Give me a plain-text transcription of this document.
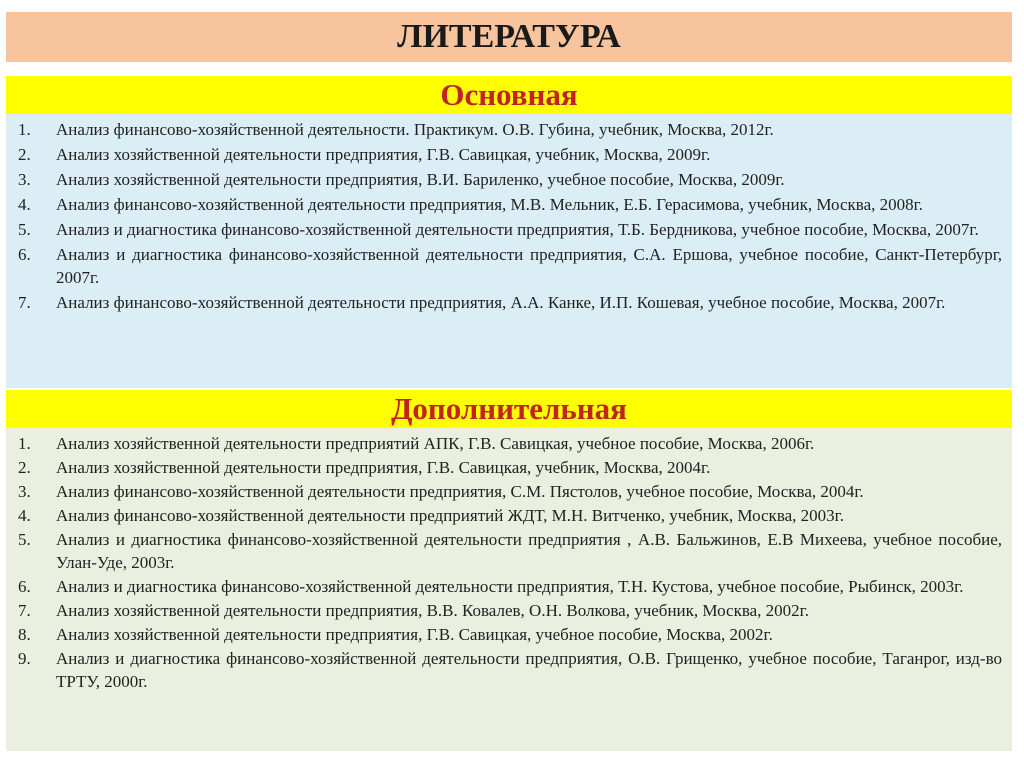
ЛИТЕРАТУРА
Основная
1.	Анализ финансово-хозяйственной деятельности. Практикум. О.В. Губина, учебник, Москва, 2012г.
2.	Анализ хозяйственной деятельности предприятия, Г.В. Савицкая, учебник, Москва, 2009г.
3.	Анализ хозяйственной деятельности предприятия, В.И. Бариленко, учебное пособие, Москва, 2009г.
4.	Анализ финансово-хозяйственной деятельности предприятия, М.В. Мельник, Е.Б. Герасимова, учебник, Москва, 2008г.
5.	Анализ и диагностика финансово-хозяйственной деятельности предприятия, Т.Б. Бердникова, учебное пособие, Москва, 2007г.
6.	Анализ и диагностика финансово-хозяйственной деятельности предприятия, С.А. Ершова, учебное пособие, Санкт-Петербург, 2007г.
7.	Анализ финансово-хозяйственной деятельности предприятия, А.А. Канке, И.П. Кошевая, учебное пособие, Москва, 2007г.
Дополнительная
1.	Анализ хозяйственной деятельности предприятий АПК, Г.В. Савицкая, учебное пособие, Москва, 2006г.
2.	Анализ хозяйственной деятельности предприятия, Г.В. Савицкая, учебник, Москва, 2004г.
3.	Анализ финансово-хозяйственной деятельности предприятия, С.М. Пястолов, учебное пособие, Москва, 2004г.
4.	Анализ финансово-хозяйственной деятельности предприятий ЖДТ, М.Н. Витченко, учебник, Москва, 2003г.
5.	Анализ и диагностика финансово-хозяйственной деятельности предприятия , А.В. Бальжинов, Е.В Михеева, учебное пособие, Улан-Уде, 2003г.
6.	Анализ и диагностика финансово-хозяйственной деятельности предприятия, Т.Н. Кустова, учебное пособие, Рыбинск, 2003г.
7.	Анализ хозяйственной деятельности предприятия, В.В. Ковалев, О.Н. Волкова, учебник, Москва, 2002г.
8.	Анализ хозяйственной деятельности предприятия, Г.В. Савицкая, учебное пособие, Москва, 2002г.
9.	Анализ и диагностика финансово-хозяйственной деятельности предприятия, О.В. Грищенко, учебное пособие, Таганрог, изд-во ТРТУ, 2000г.
